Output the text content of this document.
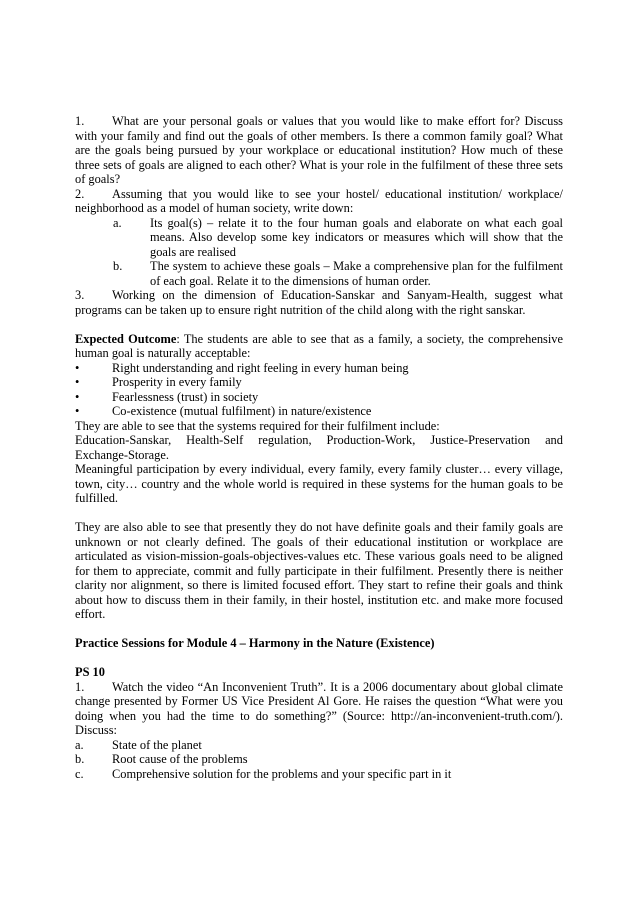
1. What are your personal goals or values that you would like to make effort for? Discuss with your family and find out the goals of other members. Is there a common family goal? What are the goals being pursued by your workplace or educational institution? How much of these three sets of goals are aligned to each other? What is your role in the fulfilment of these three sets of goals?

2. Assuming that you would like to see your hostel/ educational institution/ workplace/ neighborhood as a model of human society, write down:

a.	Its goal(s) – relate it to the four human goals and elaborate on what each goal means. Also develop some key indicators or measures which will show that the goals are realised
b.	The system to achieve these goals – Make a comprehensive plan for the fulfilment of each goal. Relate it to the dimensions of human order.

3. Working on the dimension of Education-Sanskar and Sanyam-Health, suggest what programs can be taken up to ensure right nutrition of the child along with the right sanskar.

Expected Outcome: The students are able to see that as a family, a society, the comprehensive human goal is naturally acceptable:

•	Right understanding and right feeling in every human being
•	Prosperity in every family
•	Fearlessness (trust) in society
•	Co-existence (mutual fulfilment) in nature/existence

They are able to see that the systems required for their fulfilment include:

Education-Sanskar, Health-Self regulation, Production-Work, Justice-Preservation and

Exchange-Storage.

Meaningful participation by every individual, every family, every family cluster… every village, town, city… country and the whole world is required in these systems for the human goals to be fulfilled.

They are also able to see that presently they do not have definite goals and their family goals are unknown or not clearly defined. The goals of their educational institution or workplace are articulated as vision-mission-goals-objectives-values etc. These various goals need to be aligned for them to appreciate, commit and fully participate in their fulfilment. Presently there is neither clarity nor alignment, so there is limited focused effort. They start to refine their goals and think about how to discuss them in their family, in their hostel, institution etc. and make more focused effort.

Practice Sessions for Module 4 – Harmony in the Nature (Existence)

PS 10

1. Watch the video “An Inconvenient Truth”. It is a 2006 documentary about global climate change presented by Former US Vice President Al Gore. He raises the question “What were you doing when you had the time to do something?” (Source: http://an-inconvenient-truth.com/). Discuss:

a.	State of the planet
b.	Root cause of the problems
c.	Comprehensive solution for the problems and your specific part in it
